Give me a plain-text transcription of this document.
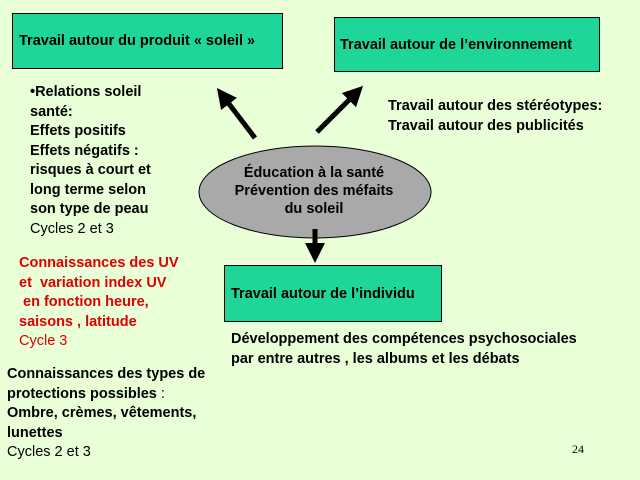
Travail autour du produit « soleil »	Travail autour de l’environnement
Travail autour de l’individu
Éducation à la santé
Prévention des méfaits
du soleil
•Relations soleil
santé:
Effets positifs
Effets négatifs :
risques à court et
long terme selon
son type de peau
Cycles 2 et 3
Travail autour des stéréotypes:
Travail autour des publicités
Connaissances des UV
et  variation index UV
en fonction heure,
saisons , latitude
Cycle 3	Développement des compétences psychosociales
par entre autres , les albums et les débats
Connaissances des types de
protections possibles :
Ombre, crèmes, vêtements,
lunettes
Cycles 2 et 3	24
